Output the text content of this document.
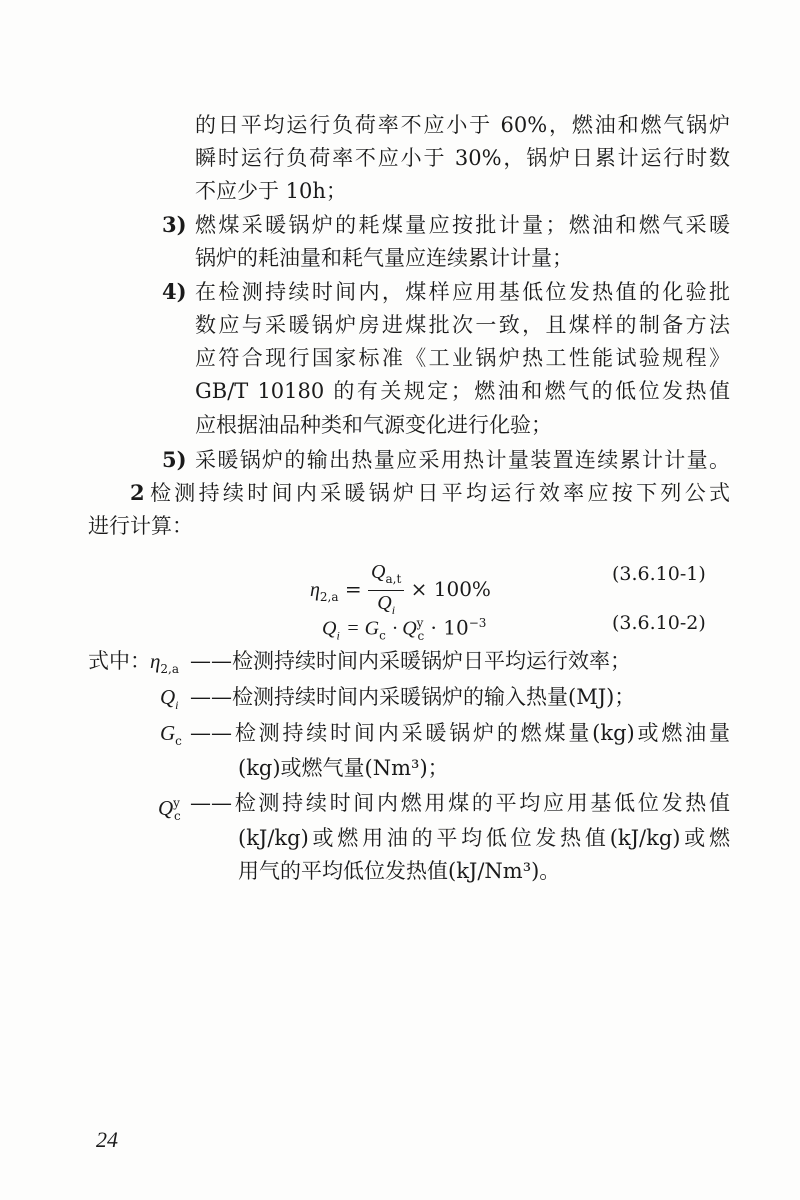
的日平均运行负荷率不应小于 60%，燃油和燃气锅炉
瞬时运行负荷率不应小于 30%，锅炉日累计运行时数
不应少于 10h；
3) 燃煤采暖锅炉的耗煤量应按批计量；燃油和燃气采暖
锅炉的耗油量和耗气量应连续累计计量；
4) 在检测持续时间内，煤样应用基低位发热值的化验批
数应与采暖锅炉房进煤批次一致，且煤样的制备方法
应符合现行国家标准《工业锅炉热工性能试验规程》
GB/T 10180 的有关规定；燃油和燃气的低位发热值
应根据油品种类和气源变化进行化验；
5) 采暖锅炉的输出热量应采用热计量装置连续累计计量。
2 检测持续时间内采暖锅炉日平均运行效率应按下列公式
进行计算：
$\eta_{2,a} = \frac{Q_{a,t}}{Q_i} \times 100\%$
(3.6.10-1)
$Q_i = G_c \cdot Q^y_c \cdot 10^{-3}$	(3.6.10-2)
式中： $\eta_{2,a}$ ——检测持续时间内采暖锅炉日平均运行效率；
$Q_i$ ——检测持续时间内采暖锅炉的输入热量(MJ)；
$G_c$ ——检测持续时间内采暖锅炉的燃煤量(kg)或燃油量
(kg)或燃气量(Nm³)；
$Q^y_c$
——检测持续时间内燃用煤的平均应用基低位发热值
(kJ/kg)或燃用油的平均低位发热值(kJ/kg)或燃
用气的平均低位发热值(kJ/Nm³)。
24
